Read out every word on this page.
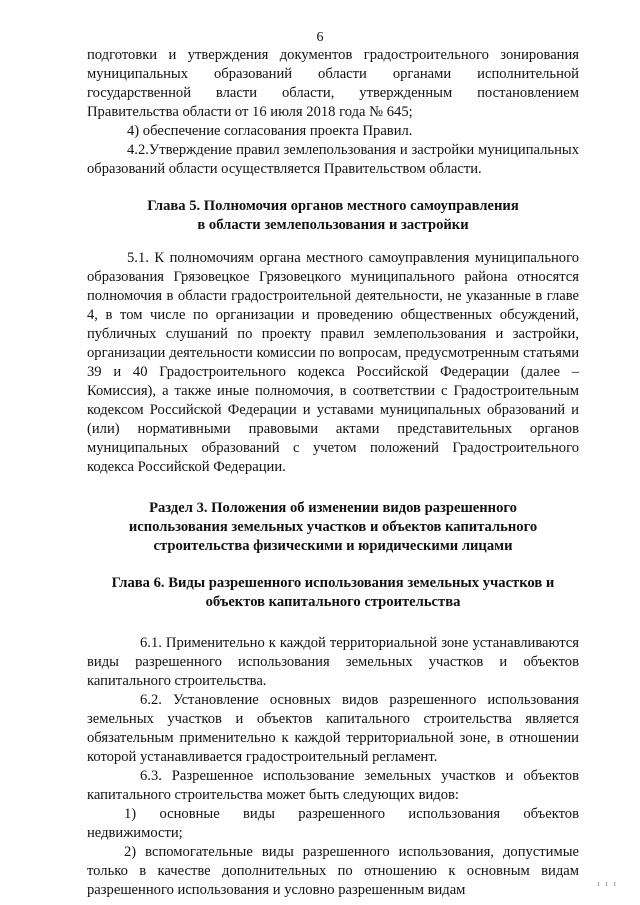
6

подготовки и утверждения документов градостроительного зонирования муниципальных образований области органами исполнительной государственной власти области, утвержденным постановлением Правительства области от 16 июля 2018 года № 645;

4) обеспечение согласования проекта Правил.

4.2.Утверждение правил землепользования и застройки муниципальных образований области осуществляется Правительством области.

Глава 5. Полномочия органов местного самоуправления
в области землепользования и застройки

5.1. К полномочиям органа местного самоуправления муниципального образования Грязовецкое Грязовецкого муниципального района относятся полномочия в области градостроительной деятельности, не указанные в главе 4, в том числе по организации и проведению общественных обсуждений, публичных слушаний по проекту правил землепользования и застройки, организации деятельности комиссии по вопросам, предусмотренным статьями 39 и 40 Градостроительного кодекса Российской Федерации (далее – Комиссия), а также иные полномочия, в соответствии с Градостроительным кодексом Российской Федерации и уставами муниципальных образований и (или) нормативными правовыми актами представительных органов муниципальных образований с учетом положений Градостроительного кодекса Российской Федерации.

Раздел 3. Положения об изменении видов разрешенного
использования земельных участков и объектов капитального
строительства физическими и юридическими лицами
Глава 6. Виды разрешенного использования земельных участков и
объектов капитального строительства

6.1. Применительно к каждой территориальной зоне устанавливаются виды разрешенного использования земельных участков и объектов капитального строительства.

6.2. Установление основных видов разрешенного использования земельных участков и объектов капитального строительства является обязательным применительно к каждой территориальной зоне, в отношении которой устанавливается градостроительный регламент.

6.3. Разрешенное использование земельных участков и объектов капитального строительства может быть следующих видов:

1) основные виды разрешенного использования объектов недвижимости;

2) вспомогательные виды разрешенного использования, допустимые только в качестве дополнительных по отношению к основным видам разрешенного использования и условно разрешенным видам	ı ı ı
